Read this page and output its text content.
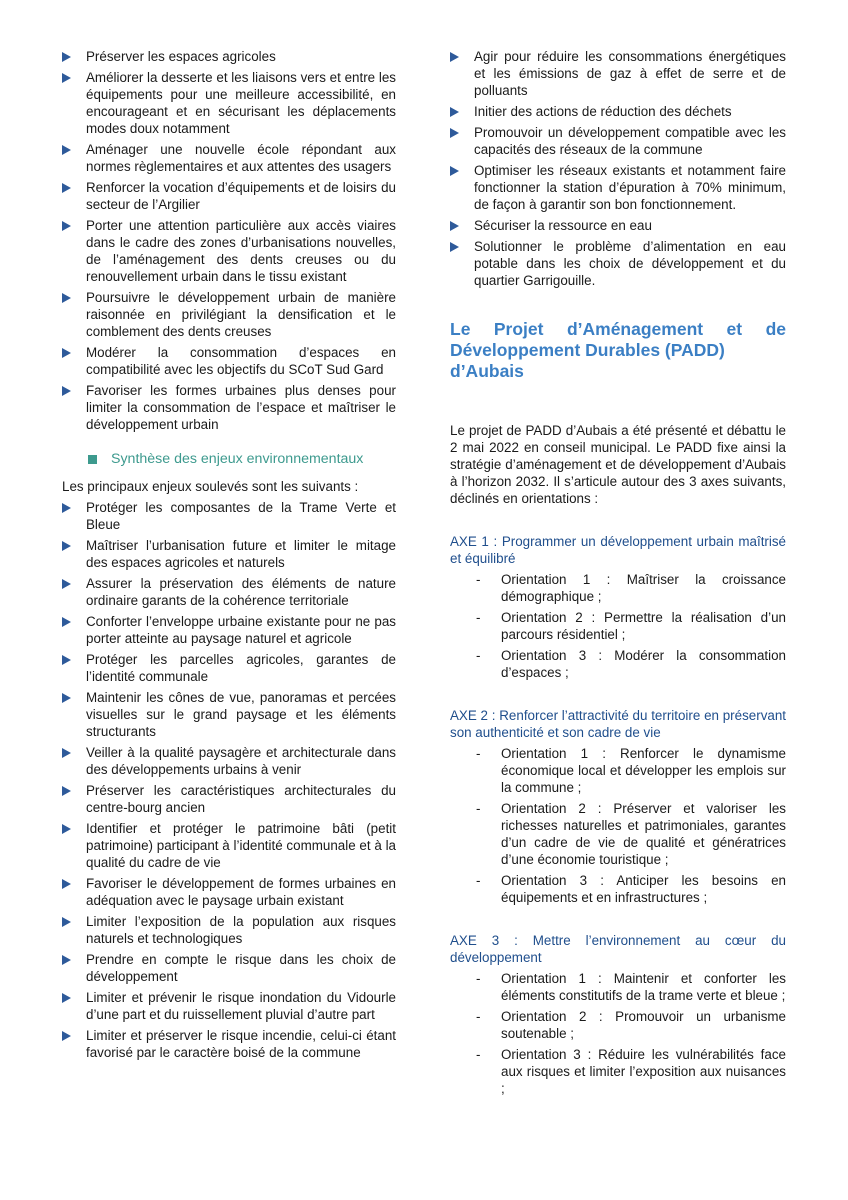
Préserver les espaces agricoles
Améliorer la desserte et les liaisons vers et entre les équipements pour une meilleure accessibilité, en encourageant et en sécurisant les déplacements modes doux notamment
Aménager une nouvelle école répondant aux normes règlementaires et aux attentes des usagers
Renforcer la vocation d’équipements et de loisirs du secteur de l’Argilier
Porter une attention particulière aux accès viaires dans le cadre des zones d’urbanisations nouvelles, de l’aménagement des dents creuses ou du renouvellement urbain dans le tissu existant
Poursuivre le développement urbain de manière raisonnée en privilégiant la densification et le comblement des dents creuses
Modérer la consommation d’espaces en compatibilité avec les objectifs du SCoT Sud Gard
Favoriser les formes urbaines plus denses pour limiter la consommation de l’espace et maîtriser le développement urbain
Synthèse des enjeux environnementaux

Les principaux enjeux soulevés sont les suivants :

Protéger les composantes de la Trame Verte et Bleue
Maîtriser l’urbanisation future et limiter le mitage des espaces agricoles et naturels
Assurer la préservation des éléments de nature ordinaire garants de la cohérence territoriale
Conforter l’enveloppe urbaine existante pour ne pas porter atteinte au paysage naturel et agricole
Protéger les parcelles agricoles, garantes de l’identité communale
Maintenir les cônes de vue, panoramas et percées visuelles sur le grand paysage et les éléments structurants
Veiller à la qualité paysagère et architecturale dans des développements urbains à venir
Préserver les caractéristiques architecturales du centre-bourg ancien
Identifier et protéger le patrimoine bâti (petit patrimoine) participant à l’identité communale et à la qualité du cadre de vie
Favoriser le développement de formes urbaines en adéquation avec le paysage urbain existant
Limiter l’exposition de la population aux risques naturels et technologiques
Prendre en compte le risque dans les choix de développement
Limiter et prévenir le risque inondation du Vidourle d’une part et du ruissellement pluvial d’autre part
Limiter et préserver le risque incendie, celui-ci étant favorisé par le caractère boisé de la commune
Agir pour réduire les consommations énergétiques et les émissions de gaz à effet de serre et de polluants
Initier des actions de réduction des déchets
Promouvoir un développement compatible avec les capacités des réseaux de la commune
Optimiser les réseaux existants et notamment faire fonctionner la station d’épuration à 70% minimum, de façon à garantir son bon fonctionnement.
Sécuriser la ressource en eau
Solutionner le problème d’alimentation en eau potable dans les choix de développement et du quartier Garrigouille.
Le Projet d’Aménagement et de
Développement Durables (PADD) d’Aubais

Le projet de PADD d’Aubais a été présenté et débattu le 2 mai 2022 en conseil municipal. Le PADD fixe ainsi la stratégie d’aménagement et de développement d’Aubais à l’horizon 2032. Il s’articule autour des 3 axes suivants, déclinés en orientations :

AXE 1 : Programmer un développement urbain maîtrisé et équilibré
- Orientation 1 : Maîtriser la croissance démographique ;
- Orientation 2 : Permettre la réalisation d’un parcours résidentiel ;
- Orientation 3 : Modérer la consommation d’espaces ;
AXE 2 : Renforcer l’attractivité du territoire en préservant son authenticité et son cadre de vie
- Orientation 1 : Renforcer le dynamisme économique local et développer les emplois sur la commune ;
- Orientation 2 : Préserver et valoriser les richesses naturelles et patrimoniales, garantes d’un cadre de vie de qualité et génératrices d’une économie touristique ;
- Orientation 3 : Anticiper les besoins en équipements et en infrastructures ;
AXE 3 : Mettre l’environnement au cœur du développement
- Orientation 1 : Maintenir et conforter les éléments constitutifs de la trame verte et bleue ;
- Orientation 2 : Promouvoir un urbanisme soutenable ;
- Orientation 3 : Réduire les vulnérabilités face aux risques et limiter l’exposition aux nuisances ;
